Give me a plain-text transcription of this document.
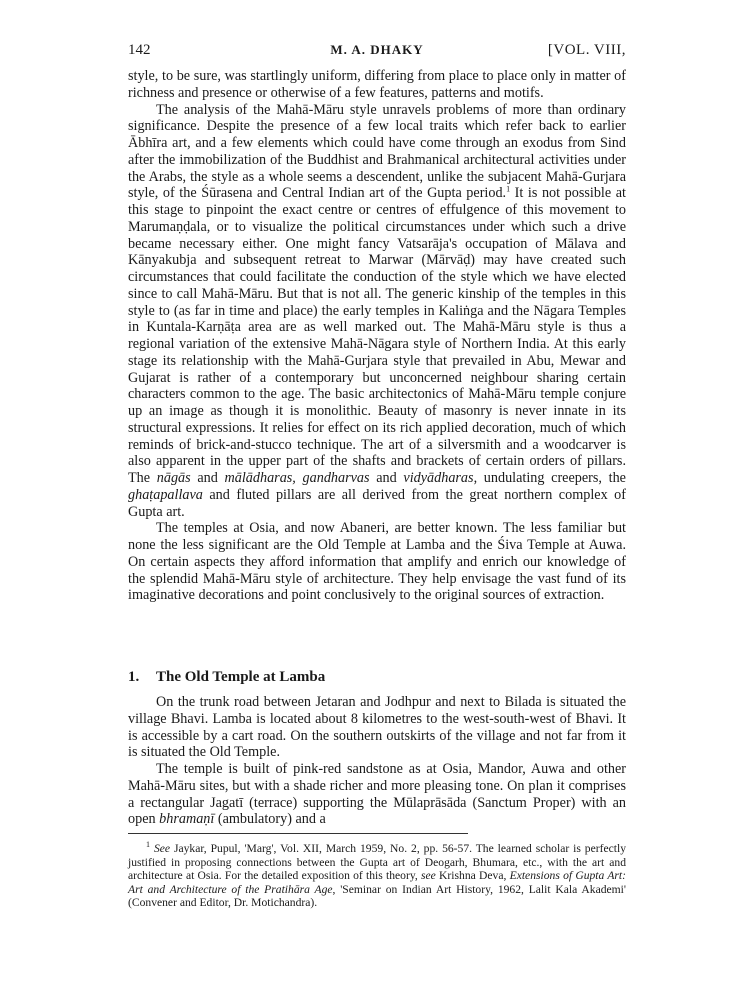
142	M. A. DHAKY	[VOL. VIII,

style, to be sure, was startlingly uniform, differing from place to place only in matter of richness and presence or otherwise of a few features, patterns and motifs.

The analysis of the Mahā-Māru style unravels problems of more than ordinary significance. Despite the presence of a few local traits which refer back to earlier Ābhīra art, and a few elements which could have come through an exodus from Sind after the immobilization of the Buddhist and Brahmanical architectural activities under the Arabs, the style as a whole seems a descendent, unlike the subjacent Mahā-Gurjara style, of the Śūrasena and Central Indian art of the Gupta period.$^1$ It is not possible at this stage to pinpoint the exact centre or centres of effulgence of this movement to Marumaṇḍala, or to visualize the political circumstances under which such a drive became necessary either. One might fancy Vatsarāja's occupation of Mālava and Kānyakubja and subsequent retreat to Marwar (Mārvāḍ) may have created such circumstances that could facilitate the conduction of the style which we have elected since to call Mahā-Māru. But that is not all. The generic kinship of the temples in this style to (as far in time and place) the early temples in Kaliṅga and the Nāgara Temples in Kuntala-Karṇāṭa area are as well marked out. The Mahā-Māru style is thus a regional variation of the extensive Mahā-Nāgara style of Northern India. At this early stage its relationship with the Mahā-Gurjara style that prevailed in Abu, Mewar and Gujarat is rather of a contemporary but unconcerned neighbour sharing certain characters common to the age. The basic architectonics of Mahā-Māru temple conjure up an image as though it is monolithic. Beauty of masonry is never innate in its structural expressions. It relies for effect on its rich applied decoration, much of which reminds of brick-and-stucco technique. The art of a silversmith and a woodcarver is also apparent in the upper part of the shafts and brackets of certain orders of pillars. The nāgās and mālādharas, gandharvas and vidyādharas, undulating creepers, the ghaṭapallava and fluted pillars are all derived from the great northern complex of Gupta art.

The temples at Osia, and now Abaneri, are better known. The less familiar but none the less significant are the Old Temple at Lamba and the Śiva Temple at Auwa. On certain aspects they afford information that amplify and enrich our knowledge of the splendid Mahā-Māru style of architecture. They help envisage the vast fund of its imaginative decorations and point conclusively to the original sources of extraction.

1. The Old Temple at Lamba

On the trunk road between Jetaran and Jodhpur and next to Bilada is situated the village Bhavi. Lamba is located about 8 kilometres to the west-south-west of Bhavi. It is accessible by a cart road. On the southern outskirts of the village and not far from it is situated the Old Temple.

The temple is built of pink-red sandstone as at Osia, Mandor, Auwa and other Mahā-Māru sites, but with a shade richer and more pleasing tone. On plan it comprises a rectangular Jagatī (terrace) supporting the Mūlaprāsāda (Sanctum Proper) with an open bhramaṇī (ambulatory) and a

$^1$ See Jaykar, Pupul, 'Marg', Vol. XII, March 1959, No. 2, pp. 56-57. The learned scholar is perfectly justified in proposing connections between the Gupta art of Deogarh, Bhumara, etc., with the art and architecture at Osia. For the detailed exposition of this theory, see Krishna Deva, Extensions of Gupta Art: Art and Architecture of the Pratihāra Age, 'Seminar on Indian Art History, 1962, Lalit Kala Akademi' (Convener and Editor, Dr. Motichandra).
